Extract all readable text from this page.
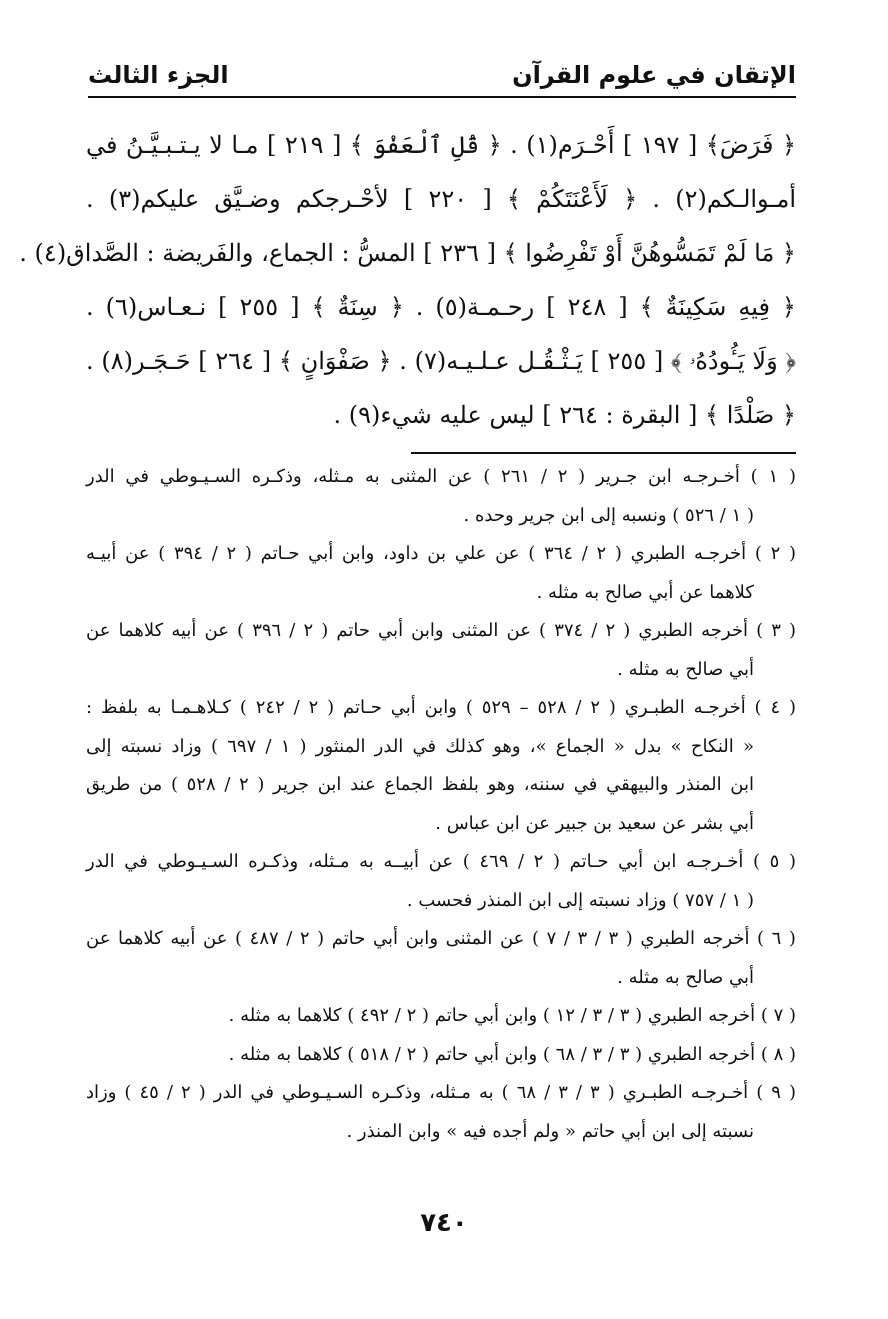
الإتقان في علوم القرآن
الجزء الثالث
﴿ فَرَضَ﴾ [ ١٩٧ ] أَحْـرَم(١) . ﴿ قُلِ ٱلْعَفْوَ ﴾ [ ٢١٩ ] مـا لا يـتـبـيَّـنُ في
أمـوالـكم(٢) . ﴿ لَأَعْنَتَكُمْ ﴾ [ ٢٢٠ ] لأحْـرجكم وضـيَّق عليكم(٣) .
﴿ مَا لَمْ تَمَسُّوهُنَّ أَوْ تَفْرِضُوا ﴾ [ ٢٣٦ ] المسُّ : الجماع، والفَريضة : الصَّداق(٤) .
﴿ فِيهِ سَكِينَةٌ ﴾ [ ٢٤٨ ] رحـمـة(٥) . ﴿ سِنَةٌ ﴾ [ ٢٥٥ ] نـعـاس(٦) .
﴿ وَلَا يَـُٔودُهُۥ ﴾ [ ٢٥٥ ] يَـثْـقُـل عـلـيـه(٧) . ﴿ صَفْوَانٍ ﴾ [ ٢٦٤ ] حَـجَـر(٨) .
﴿ صَلْدًا ﴾ [ البقرة : ٢٦٤ ] ليس عليه شيء(٩) .
( ١ ) أخـرجـه ابن جـرير ( ٢ / ٢٦١ ) عن المثنى به مـثله، وذكـره السـيـوطي في الدر
( ١ / ٥٢٦ ) ونسبه إلى ابن جرير وحده .
( ٢ ) أخرجـه الطبري ( ٢ / ٣٦٤ ) عن علي بن داود، وابن أبي حـاتم ( ٢ / ٣٩٤ ) عن أبيـه
كلاهما عن أبي صالح به مثله .
( ٣ ) أخرجه الطبري ( ٢ / ٣٧٤ ) عن المثنى وابن أبي حاتم ( ٢ / ٣٩٦ ) عن أبيه كلاهما عن
أبي صالح به مثله .
( ٤ ) أخرجـه الطبـري ( ٢ / ٥٢٨ – ٥٢٩ ) وابن أبي حـاتم ( ٢ / ٢٤٢ ) كـلاهـمـا به بلفظ :
« النكاح » بدل « الجماع »، وهو كذلك في الدر المنثور ( ١ / ٦٩٧ ) وزاد نسبته إلى
ابن المنذر والبيهقي في سننه، وهو بلفظ الجماع عند ابن جرير ( ٢ / ٥٢٨ ) من طريق
أبي بشر عن سعيد بن جبير عن ابن عباس .
( ٥ ) أخـرجـه ابن أبي حـاتم ( ٢ / ٤٦٩ ) عن أبيــه به مـثله، وذكـره السـيـوطي في الدر
( ١ / ٧٥٧ ) وزاد نسبته إلى ابن المنذر فحسب .
( ٦ ) أخرجه الطبري ( ٣ / ٣ / ٧ ) عن المثنى وابن أبي حاتم ( ٢ / ٤٨٧ ) عن أبيه كلاهما عن
أبي صالح به مثله .
( ٧ ) أخرجه الطبري ( ٣ / ٣ / ١٢ ) وابن أبي حاتم ( ٢ / ٤٩٢ ) كلاهما به مثله .
( ٨ ) أخرجه الطبري ( ٣ / ٣ / ٦٨ ) وابن أبي حاتم ( ٢ / ٥١٨ ) كلاهما به مثله .
( ٩ ) أخـرجـه الطبـري ( ٣ / ٣ / ٦٨ ) به مـثله، وذكـره السـيـوطي في الدر ( ٢ / ٤٥ ) وزاد
نسبته إلى ابن أبي حاتم « ولم أجده فيه » وابن المنذر .
٧٤٠
